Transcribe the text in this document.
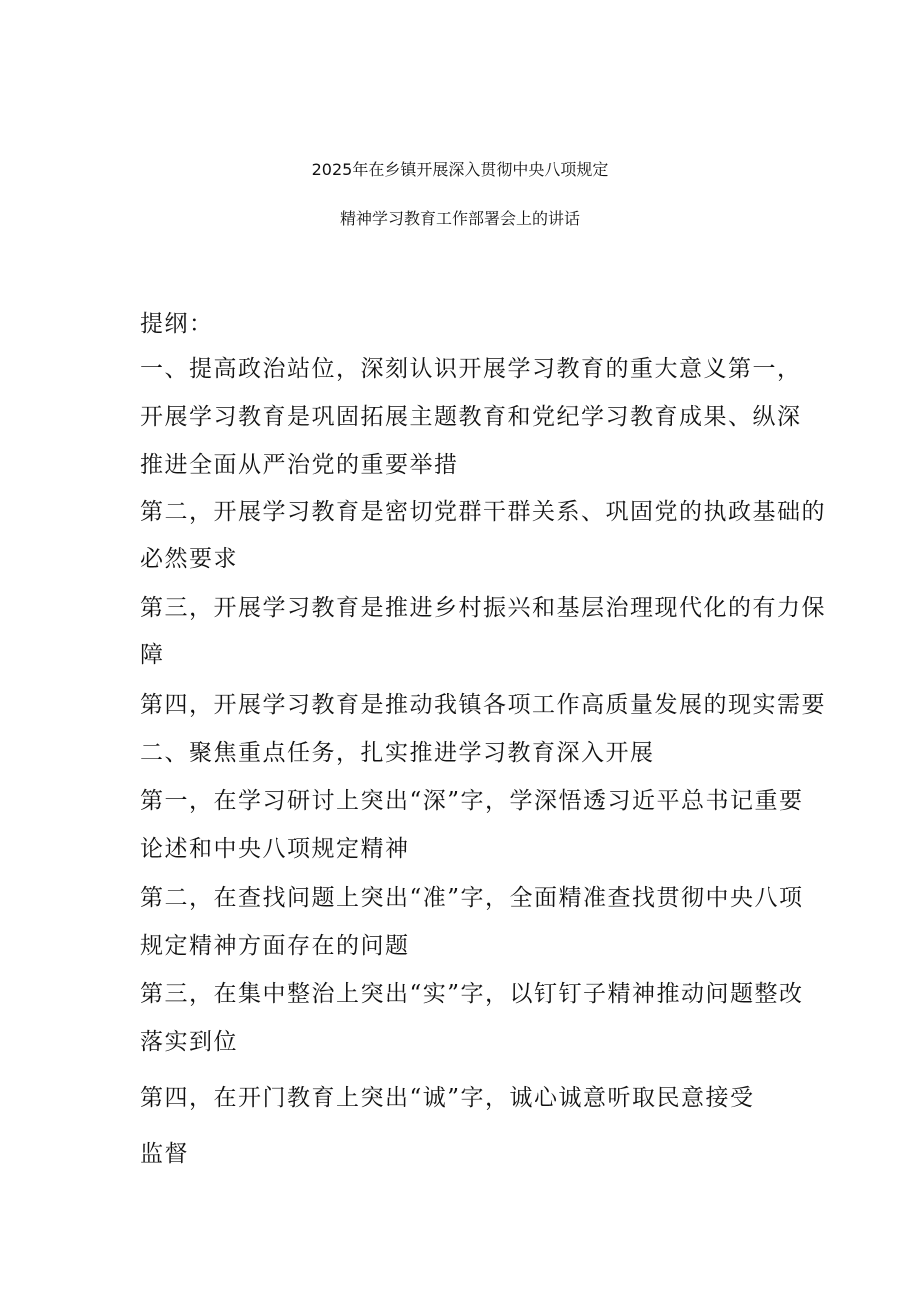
2025年在乡镇开展深入贯彻中央八项规定
精神学习教育工作部署会上的讲话
提纲：
一、提高政治站位，深刻认识开展学习教育的重大意义第一，
开展学习教育是巩固拓展主题教育和党纪学习教育成果、纵深
推进全面从严治党的重要举措
第二，开展学习教育是密切党群干群关系、巩固党的执政基础的
必然要求
第三，开展学习教育是推进乡村振兴和基层治理现代化的有力保
障
第四，开展学习教育是推动我镇各项工作高质量发展的现实需要
二、聚焦重点任务，扎实推进学习教育深入开展
第一，在学习研讨上突出“深”字，学深悟透习近平总书记重要
论述和中央八项规定精神
第二，在查找问题上突出“准”字，全面精准查找贯彻中央八项
规定精神方面存在的问题
第三，在集中整治上突出“实”字，以钉钉子精神推动问题整改
落实到位
第四，在开门教育上突出“诚”字，诚心诚意听取民意接受
监督
